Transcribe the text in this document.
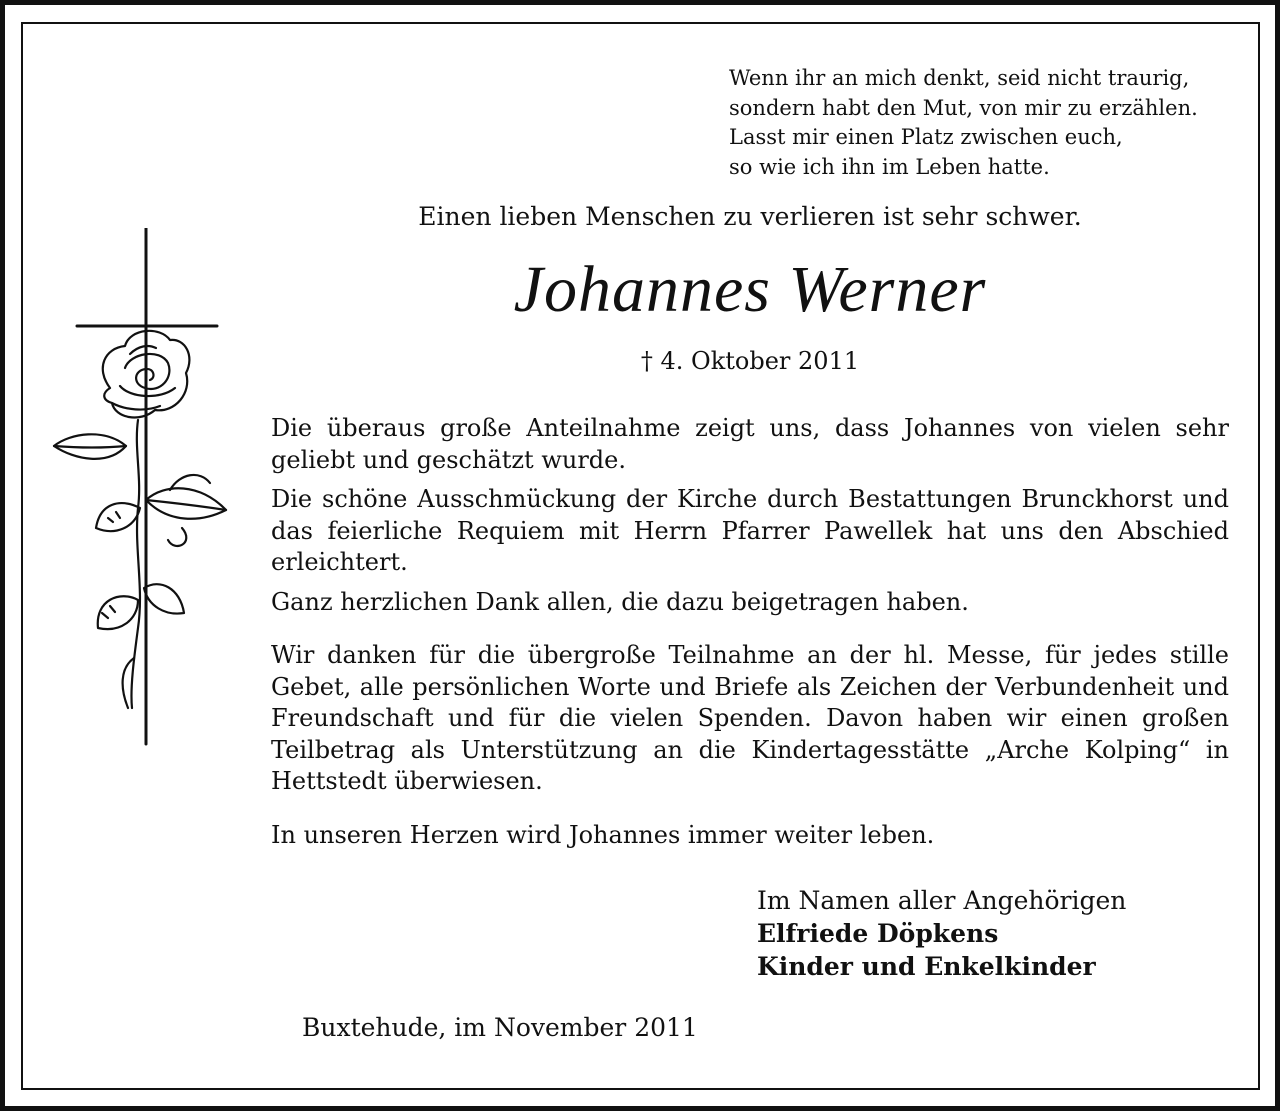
Wenn ihr an mich denkt, seid nicht traurig,
sondern habt den Mut, von mir zu erzählen.
Lasst mir einen Platz zwischen euch,
so wie ich ihn im Leben hatte.
Einen lieben Menschen zu verlieren ist sehr schwer.
Johannes Werner
† 4. Oktober 2011

Die überaus große Anteilnahme zeigt uns, dass Johannes von vielen sehr geliebt und geschätzt wurde.

Die schöne Ausschmückung der Kirche durch Bestattungen Brunckhorst und das feierliche Requiem mit Herrn Pfarrer Pawellek hat uns den Abschied erleichtert.

Ganz herzlichen Dank allen, die dazu beigetragen haben.

Wir danken für die übergroße Teilnahme an der hl. Messe, für jedes stille Gebet, alle persönlichen Worte und Briefe als Zeichen der Verbundenheit und Freundschaft und für die vielen Spenden. Davon haben wir einen großen Teilbetrag als Unterstützung an die Kindertagesstätte „Arche Kolping“ in Hettstedt überwiesen.

In unseren Herzen wird Johannes immer weiter leben.

Im Namen aller Angehörigen
Elfriede Döpkens
Kinder und Enkelkinder
Buxtehude, im November 2011
